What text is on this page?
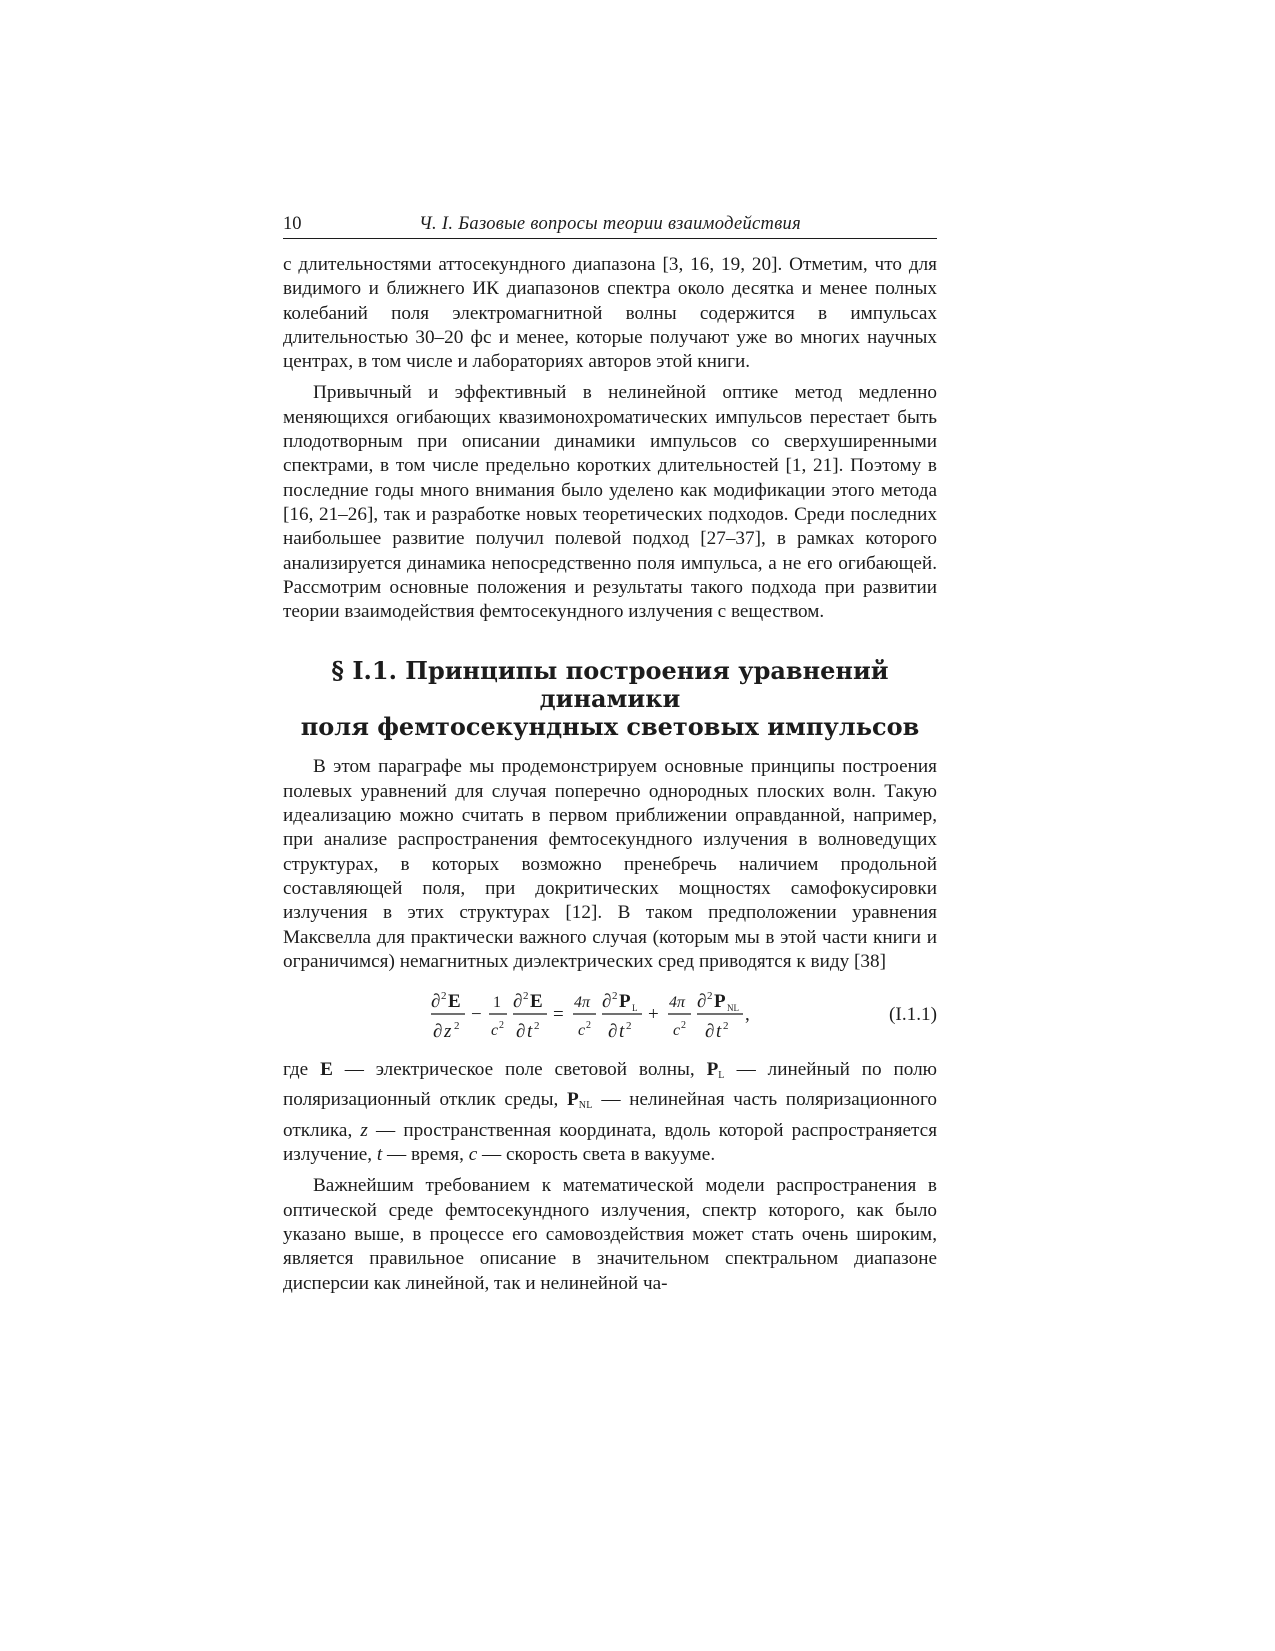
10	Ч. I. Базовые вопросы теории взаимодействия

с длительностями аттосекундного диапазона [3, 16, 19, 20]. Отметим, что для видимого и ближнего ИК диапазонов спектра около десятка и менее полных колебаний поля электромагнитной волны содержится в импульсах длительностью 30–20 фс и менее, которые получают уже во многих научных центрах, в том числе и лабораториях авторов этой книги.

Привычный и эффективный в нелинейной оптике метод медленно меняющихся огибающих квазимонохроматических импульсов перестает быть плодотворным при описании динамики импульсов со сверхуширенными спектрами, в том числе предельно коротких длительностей [1, 21]. Поэтому в последние годы много внимания было уделено как модификации этого метода [16, 21–26], так и разработке новых теоретических подходов. Среди последних наибольшее развитие получил полевой подход [27–37], в рамках которого анализируется динамика непосредственно поля импульса, а не его огибающей. Рассмотрим основные положения и результаты такого подхода при развитии теории взаимодействия фемтосекундного излучения с веществом.

§ I.1. Принципы построения уравнений динамики
поля фемтосекундных световых импульсов

В этом параграфе мы продемонстрируем основные принципы построения полевых уравнений для случая поперечно однородных плоских волн. Такую идеализацию можно считать в первом приближении оправданной, например, при анализе распространения фемтосекундного излучения в волноведущих структурах, в которых возможно пренебречь наличием продольной составляющей поля, при докритических мощностях самофокусировки излучения в этих структурах [12]. В таком предположении уравнения Максвелла для практически важного случая (которым мы в этой части книги и ограничимся) немагнитных диэлектрических сред приводятся к виду [38]

∂ 2 E
∂ z 2
−
1
c 2
∂ 2 E
∂ t 2
=
4π
c 2
∂ 2 P L
∂ t 2
+
4π
c 2
∂ 2 P NL
∂ t 2
,	(I.1.1)

где E — электрическое поле световой волны, $P_L$ — линейный по полю поляризационный отклик среды, $P_{NL}$ — нелинейная часть поляризационного отклика, z — пространственная координата, вдоль которой распространяется излучение, t — время, c — скорость света в вакууме.

Важнейшим требованием к математической модели распространения в оптической среде фемтосекундного излучения, спектр которого, как было указано выше, в процессе его самовоздействия может стать очень широким, является правильное описание в значительном спектральном диапазоне дисперсии как линейной, так и нелинейной ча-
